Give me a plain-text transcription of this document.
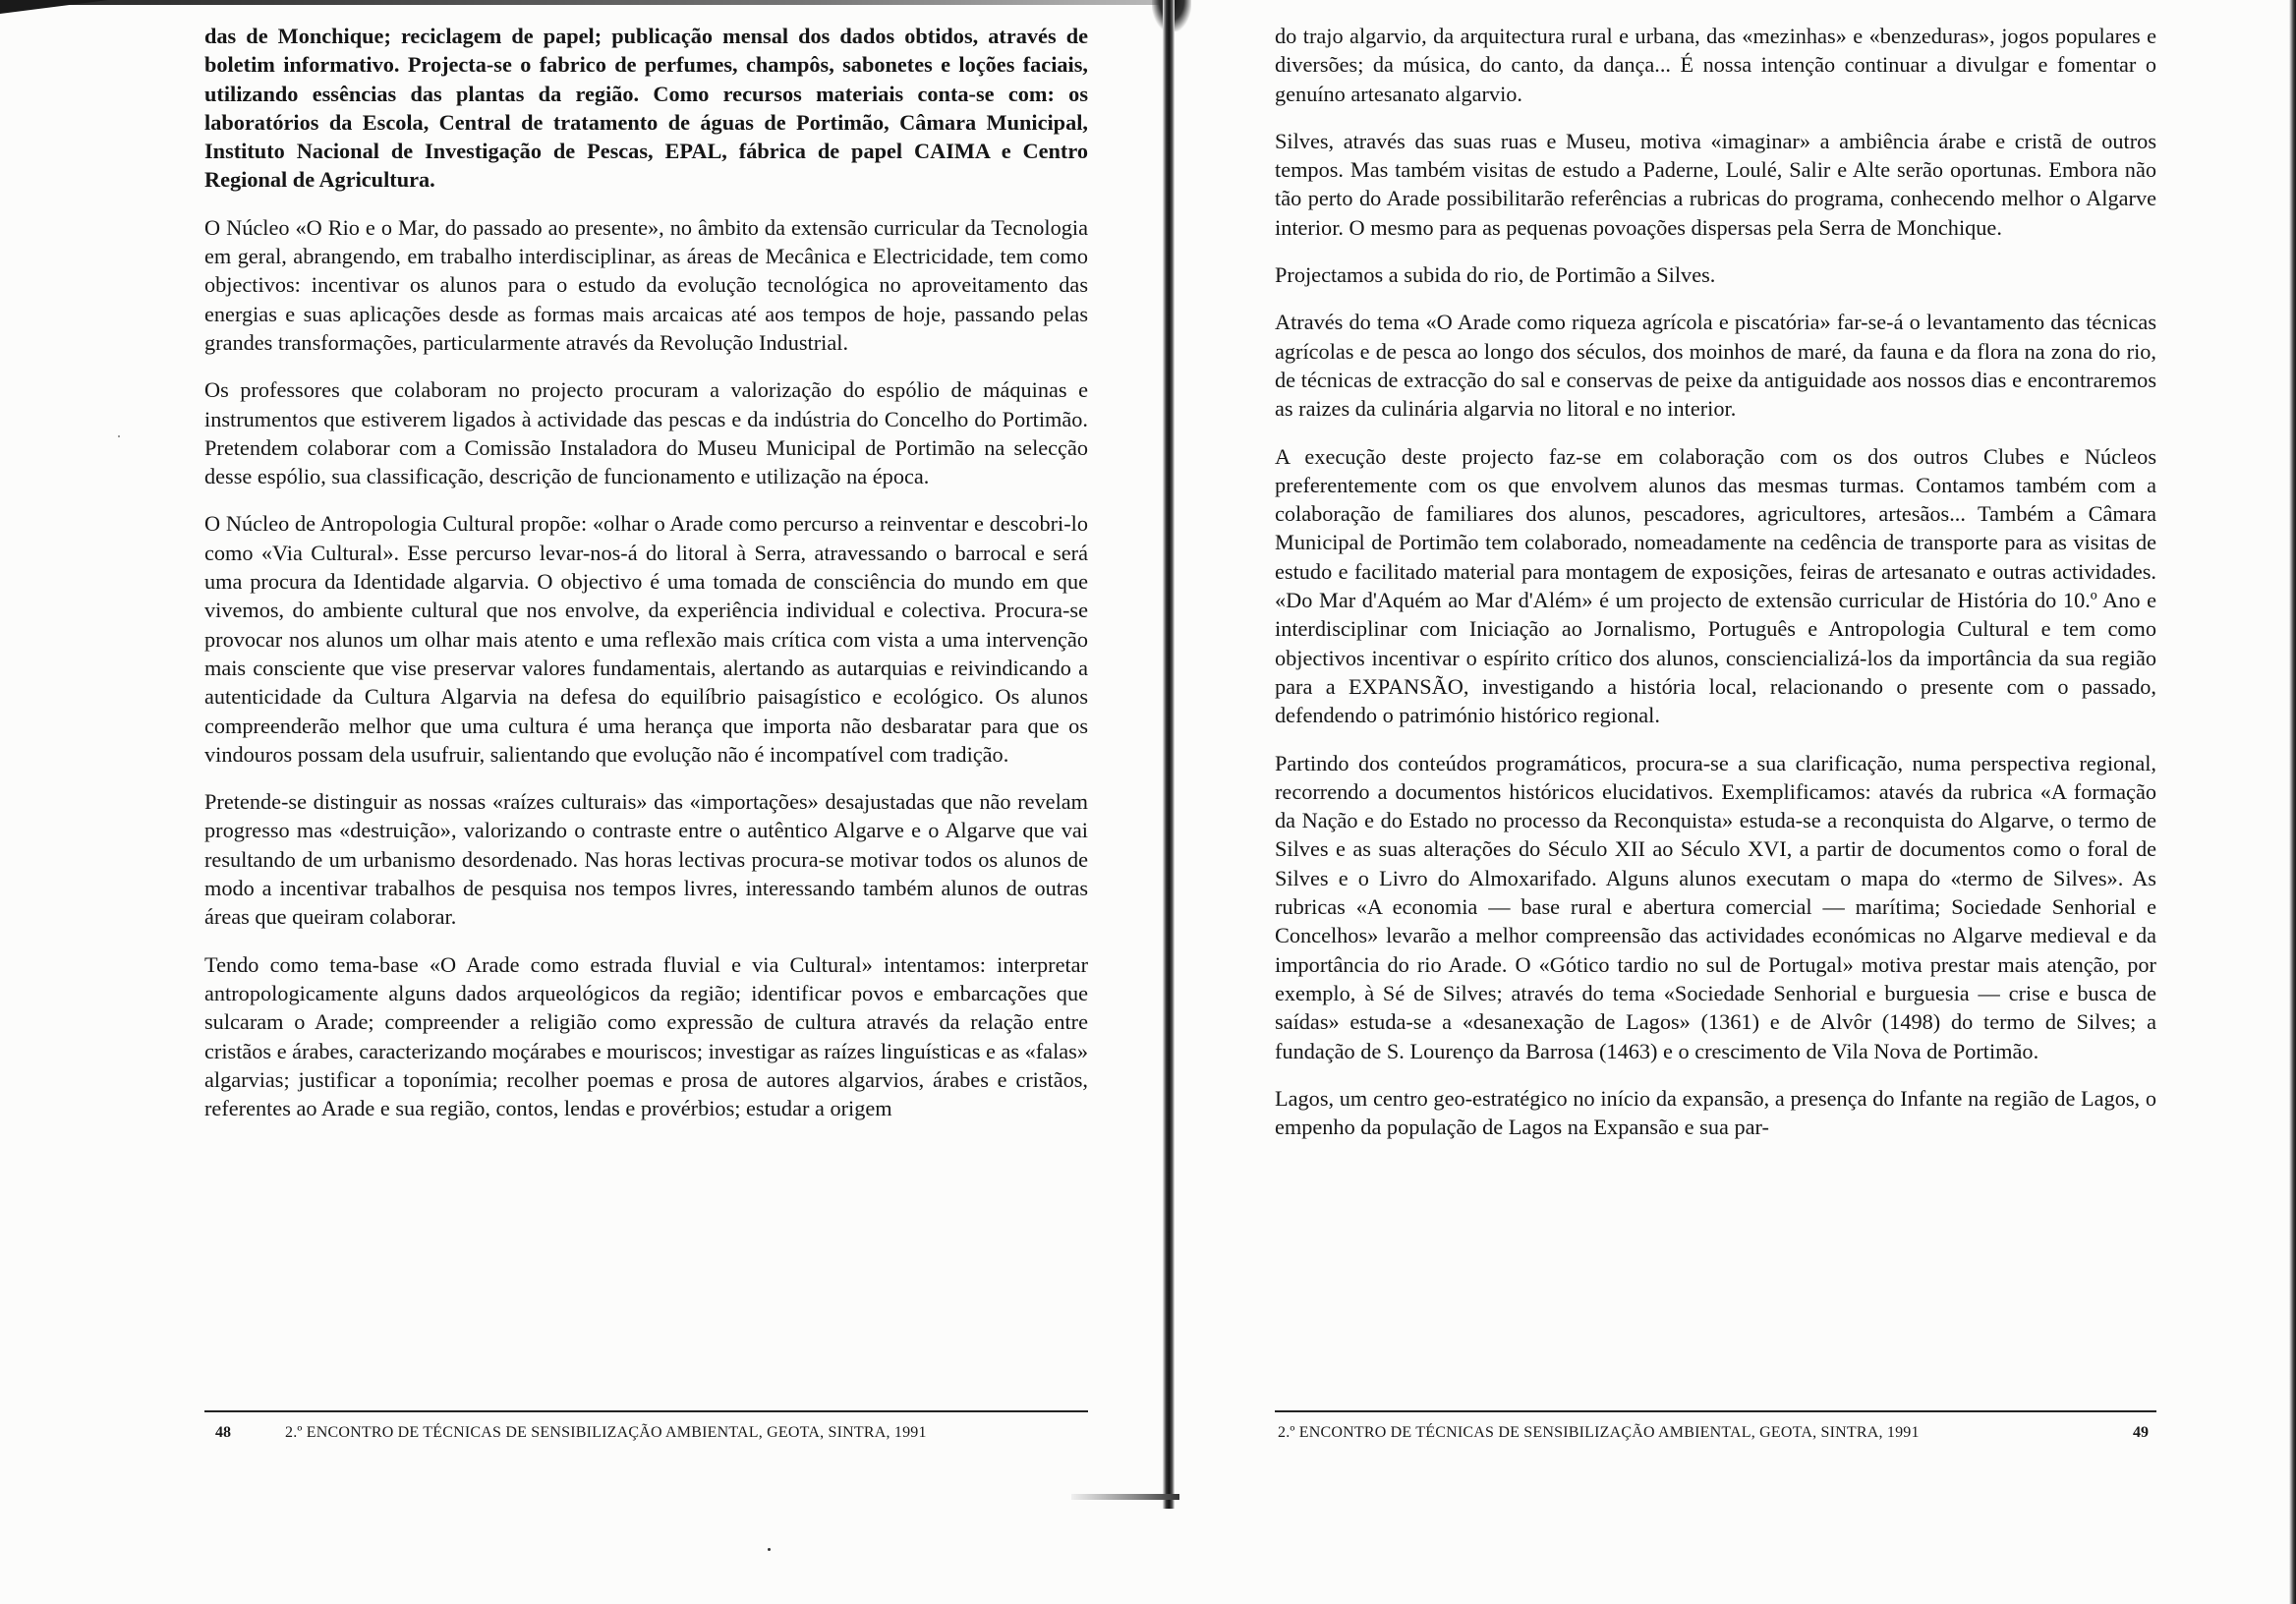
das de Monchique; reciclagem de papel; publicação mensal dos dados obtidos, através de boletim informativo. Projecta-se o fabrico de perfumes, champôs, sabonetes e loções faciais, utilizando essências das plantas da região. Como recursos materiais conta-se com: os laboratórios da Escola, Central de tratamento de águas de Portimão, Câmara Municipal, Instituto Nacional de Investigação de Pescas, EPAL, fábrica de papel CAIMA e Centro Regional de Agricultura.

O Núcleo «O Rio e o Mar, do passado ao presente», no âmbito da extensão curricular da Tecnologia em geral, abrangendo, em trabalho interdisciplinar, as áreas de Mecânica e Electricidade, tem como objectivos: incentivar os alunos para o estudo da evolução tecnológica no aproveitamento das energias e suas aplicações desde as formas mais arcaicas até aos tempos de hoje, passando pelas grandes transformações, particularmente através da Revolução Industrial.

Os professores que colaboram no projecto procuram a valorização do espólio de máquinas e instrumentos que estiverem ligados à actividade das pescas e da indústria do Concelho do Portimão. Pretendem colaborar com a Comissão Instaladora do Museu Municipal de Portimão na selecção desse espólio, sua classificação, descrição de funcionamento e utilização na época.

O Núcleo de Antropologia Cultural propõe: «olhar o Arade como percurso a reinventar e descobri-lo como «Via Cultural». Esse percurso levar-nos-á do litoral à Serra, atravessando o barrocal e será uma procura da Identidade algarvia. O objectivo é uma tomada de consciência do mundo em que vivemos, do ambiente cultural que nos envolve, da experiência individual e colectiva. Procura-se provocar nos alunos um olhar mais atento e uma reflexão mais crítica com vista a uma intervenção mais consciente que vise preservar valores fundamentais, alertando as autarquias e reivindicando a autenticidade da Cultura Algarvia na defesa do equilíbrio paisagístico e ecológico. Os alunos compreenderão melhor que uma cultura é uma herança que importa não desbaratar para que os vindouros possam dela usufruir, salientando que evolução não é incompatível com tradição.

Pretende-se distinguir as nossas «raízes culturais» das «importações» desajustadas que não revelam progresso mas «destruição», valorizando o contraste entre o autêntico Algarve e o Algarve que vai resultando de um urbanismo desordenado. Nas horas lectivas procura-se motivar todos os alunos de modo a incentivar trabalhos de pesquisa nos tempos livres, interessando também alunos de outras áreas que queiram colaborar.

Tendo como tema-base «O Arade como estrada fluvial e via Cultural» intentamos: interpretar antropologicamente alguns dados arqueológicos da região; identificar povos e embarcações que sulcaram o Arade; compreender a religião como expressão de cultura através da relação entre cristãos e árabes, caracterizando moçárabes e mouriscos; investigar as raízes linguísticas e as «falas» algarvias; justificar a toponímia; recolher poemas e prosa de autores algarvios, árabes e cristãos, referentes ao Arade e sua região, contos, lendas e provérbios; estudar a origem

48	2.º ENCONTRO DE TÉCNICAS DE SENSIBILIZAÇÃO AMBIENTAL, GEOTA, SINTRA, 1991

do trajo algarvio, da arquitectura rural e urbana, das «mezinhas» e «benzeduras», jogos populares e diversões; da música, do canto, da dança... É nossa intenção continuar a divulgar e fomentar o genuíno artesanato algarvio.

Silves, através das suas ruas e Museu, motiva «imaginar» a ambiência árabe e cristã de outros tempos. Mas também visitas de estudo a Paderne, Loulé, Salir e Alte serão oportunas. Embora não tão perto do Arade possibilitarão referências a rubricas do programa, conhecendo melhor o Algarve interior. O mesmo para as pequenas povoações dispersas pela Serra de Monchique.

Projectamos a subida do rio, de Portimão a Silves.

Através do tema «O Arade como riqueza agrícola e piscatória» far-se-á o levantamento das técnicas agrícolas e de pesca ao longo dos séculos, dos moinhos de maré, da fauna e da flora na zona do rio, de técnicas de extracção do sal e conservas de peixe da antiguidade aos nossos dias e encontraremos as raizes da culinária algarvia no litoral e no interior.

A execução deste projecto faz-se em colaboração com os dos outros Clubes e Núcleos preferentemente com os que envolvem alunos das mesmas turmas. Contamos também com a colaboração de familiares dos alunos, pescadores, agricultores, artesãos... Também a Câmara Municipal de Portimão tem colaborado, nomeadamente na cedência de transporte para as visitas de estudo e facilitado material para montagem de exposições, feiras de artesanato e outras actividades. «Do Mar d'Aquém ao Mar d'Além» é um projecto de extensão curricular de História do 10.º Ano e interdisciplinar com Iniciação ao Jornalismo, Português e Antropologia Cultural e tem como objectivos incentivar o espírito crítico dos alunos, consciencializá-los da importância da sua região para a EXPANSÃO, investigando a história local, relacionando o presente com o passado, defendendo o património histórico regional.

Partindo dos conteúdos programáticos, procura-se a sua clarificação, numa perspectiva regional, recorrendo a documentos históricos elucidativos. Exemplificamos: atavés da rubrica «A formação da Nação e do Estado no processo da Reconquista» estuda-se a reconquista do Algarve, o termo de Silves e as suas alterações do Século XII ao Século XVI, a partir de documentos como o foral de Silves e o Livro do Almoxarifado. Alguns alunos executam o mapa do «termo de Silves». As rubricas «A economia — base rural e abertura comercial — marítima; Sociedade Senhorial e Concelhos» levarão a melhor compreensão das actividades económicas no Algarve medieval e da importância do rio Arade. O «Gótico tardio no sul de Portugal» motiva prestar mais atenção, por exemplo, à Sé de Silves; através do tema «Sociedade Senhorial e burguesia — crise e busca de saídas» estuda-se a «desanexação de Lagos» (1361) e de Alvôr (1498) do termo de Silves; a fundação de S. Lourenço da Barrosa (1463) e o crescimento de Vila Nova de Portimão.

Lagos, um centro geo-estratégico no início da expansão, a presença do Infante na região de Lagos, o empenho da população de Lagos na Expansão e sua par-

2.º ENCONTRO DE TÉCNICAS DE SENSIBILIZAÇÃO AMBIENTAL, GEOTA, SINTRA, 1991	49
